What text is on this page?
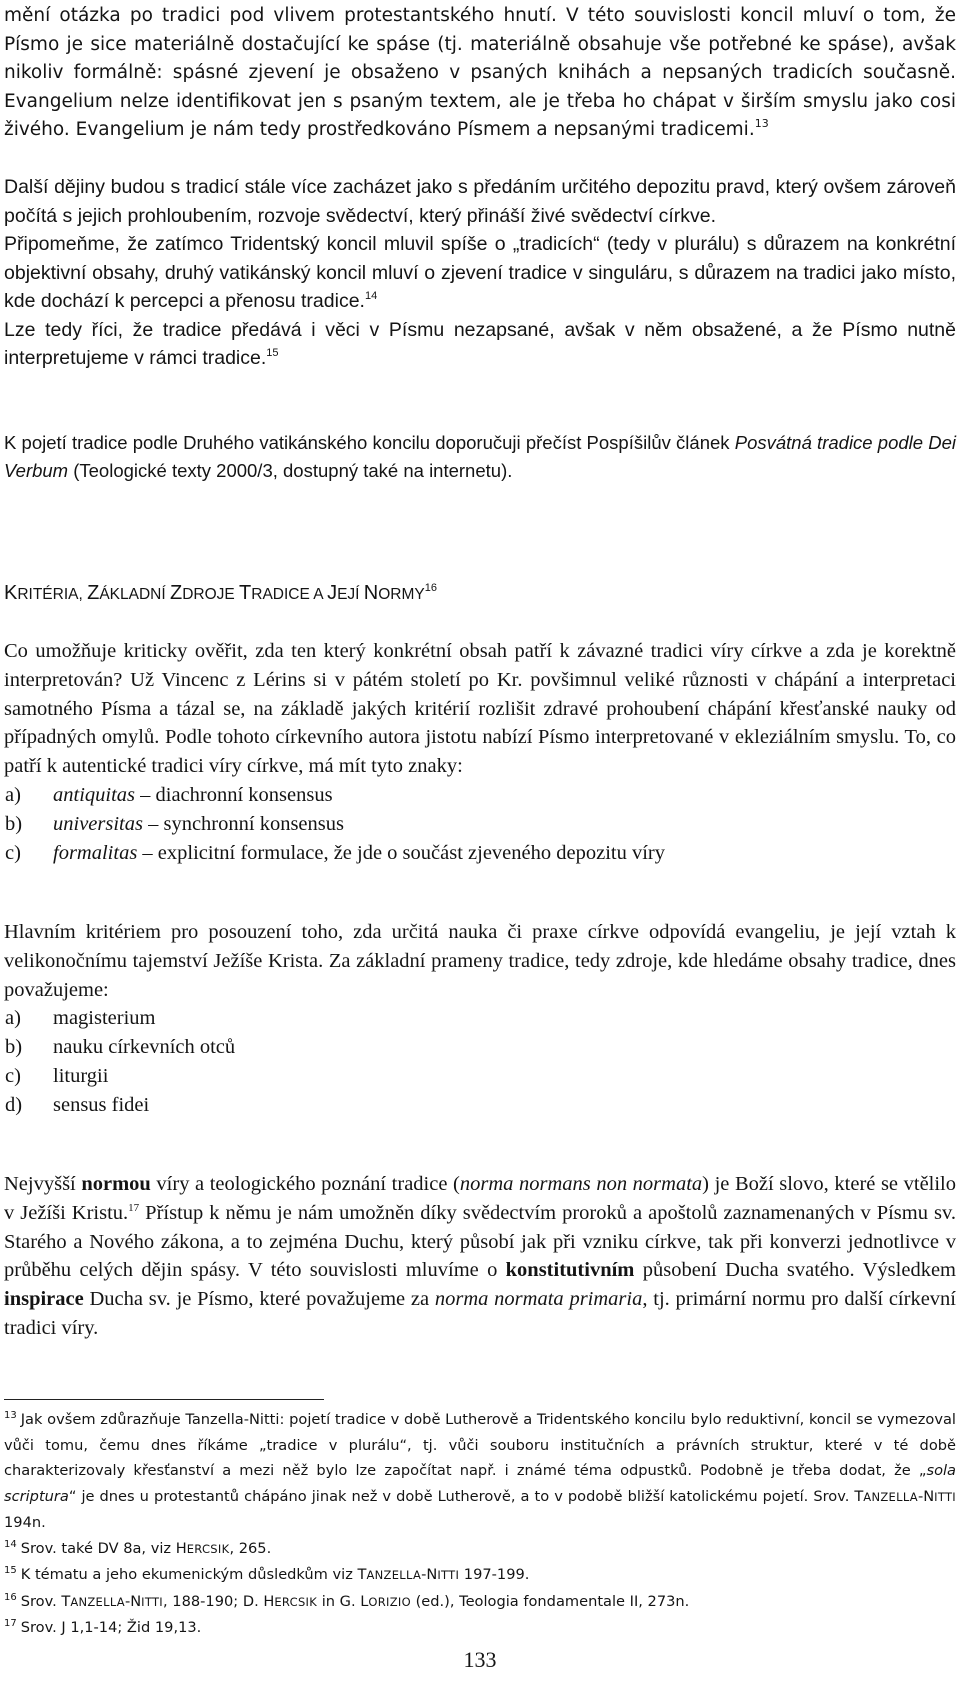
mění otázka po tradici pod vlivem protestantského hnutí. V této souvislosti koncil mluví o tom, že Písmo je sice materiálně dostačující ke spáse (tj. materiálně obsahuje vše potřebné ke spáse), avšak nikoliv formálně: spásné zjevení je obsaženo v psaných knihách a nepsaných tradicích současně. Evangelium nelze identifikovat jen s psaným textem, ale je třeba ho chápat v širším smyslu jako cosi živého. Evangelium je nám tedy prostředkováno Písmem a nepsanými tradicemi.$^{13}$

Další dějiny budou s tradicí stále více zacházet jako s předáním určitého depozitu pravd, který ovšem zároveň počítá s jejich prohloubením, rozvoje svědectví, který přináší živé svědectví církve.

Připomeňme, že zatímco Tridentský koncil mluvil spíše o „tradicích“ (tedy v plurálu) s důrazem na konkrétní objektivní obsahy, druhý vatikánský koncil mluví o zjevení tradice v singuláru, s důrazem na tradici jako místo, kde dochází k percepci a přenosu tradice.$^{14}$

Lze tedy říci, že tradice předává i věci v Písmu nezapsané, avšak v něm obsažené, a že Písmo nutně interpretujeme v rámci tradice.$^{15}$

K pojetí tradice podle Druhého vatikánského koncilu doporučuji přečíst Pospíšilův článek Posvátná tradice podle Dei Verbum (Teologické texty 2000/3, dostupný také na internetu).

KRITÉRIA, ZÁKLADNÍ ZDROJE TRADICE A JEJÍ NORMY$^{16}$

Co umožňuje kriticky ověřit, zda ten který konkrétní obsah patří k závazné tradici víry církve a zda je korektně interpretován? Už Vincenc z Lérins si v pátém století po Kr. povšimnul veliké různosti v chápání a interpretaci samotného Písma a tázal se, na základě jakých kritérií rozlišit zdravé prohoubení chápání křesťanské nauky od případných omylů. Podle tohoto církevního autora jistotu nabízí Písmo interpretované v ekleziálním smyslu. To, co patří k autentické tradici víry církve, má mít tyto znaky:

a) antiquitas – diachronní konsensus
b) universitas – synchronní konsensus
c) formalitas – explicitní formulace, že jde o součást zjeveného depozitu víry

Hlavním kritériem pro posouzení toho, zda určitá nauka či praxe církve odpovídá evangeliu, je její vztah k velikonočnímu tajemství Ježíše Krista. Za základní prameny tradice, tedy zdroje, kde hledáme obsahy tradice, dnes považujeme:

a) magisterium
b) nauku církevních otců
c) liturgii
d) sensus fidei

Nejvyšší normou víry a teologického poznání tradice (norma normans non normata) je Boží slovo, které se vtělilo v Ježíši Kristu.$^{17}$ Přístup k němu je nám umožněn díky svědectvím proroků a apoštolů zaznamenaných v Písmu sv. Starého a Nového zákona, a to zejména Duchu, který působí jak při vzniku církve, tak při konverzi jednotlivce v průběhu celých dějin spásy. V této souvislosti mluvíme o konstitutivním působení Ducha svatého. Výsledkem inspirace Ducha sv. je Písmo, které považujeme za norma normata primaria, tj. primární normu pro další církevní tradici víry.

$^{13}$ Jak ovšem zdůrazňuje Tanzella-Nitti: pojetí tradice v době Lutherově a Tridentského koncilu bylo reduktivní, koncil se vymezoval vůči tomu, čemu dnes říkáme „tradice v plurálu“, tj. vůči souboru institučních a právních struktur, které v té době charakterizovaly křesťanství a mezi něž bylo lze započítat např. i známé téma odpustků. Podobně je třeba dodat, že „sola scriptura“ je dnes u protestantů chápáno jinak než v době Lutherově, a to v podobě bližší katolickému pojetí. Srov. TANZELLA-NITTI 194n.

$^{14}$ Srov. také DV 8a, viz HERCSIK, 265.

$^{15}$ K tématu a jeho ekumenickým důsledkům viz TANZELLA-NITTI 197-199.

$^{16}$ Srov. TANZELLA-NITTI, 188-190; D. HERCSIK in G. LORIZIO (ed.), Teologia fondamentale II, 273n.

$^{17}$ Srov. J 1,1-14; Žid 19,13.

133
